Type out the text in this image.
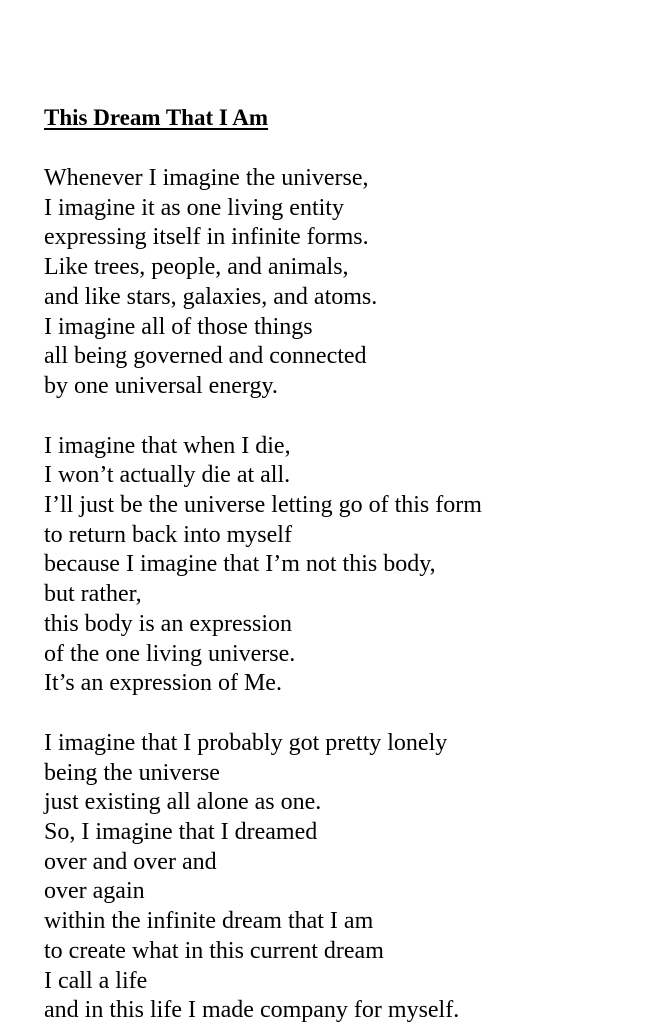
This Dream That I Am

Whenever I imagine the universe,

I imagine it as one living entity

expressing itself in infinite forms.

Like trees, people, and animals,

and like stars, galaxies, and atoms.

I imagine all of those things

all being governed and connected

by one universal energy.

I imagine that when I die,

I won’t actually die at all.

I’ll just be the universe letting go of this form

to return back into myself

because I imagine that I’m not this body,

but rather,

this body is an expression

of the one living universe.

It’s an expression of Me.

I imagine that I probably got pretty lonely

being the universe

just existing all alone as one.

So, I imagine that I dreamed

over and over and

over again

within the infinite dream that I am

to create what in this current dream

I call a life

and in this life I made company for myself.
